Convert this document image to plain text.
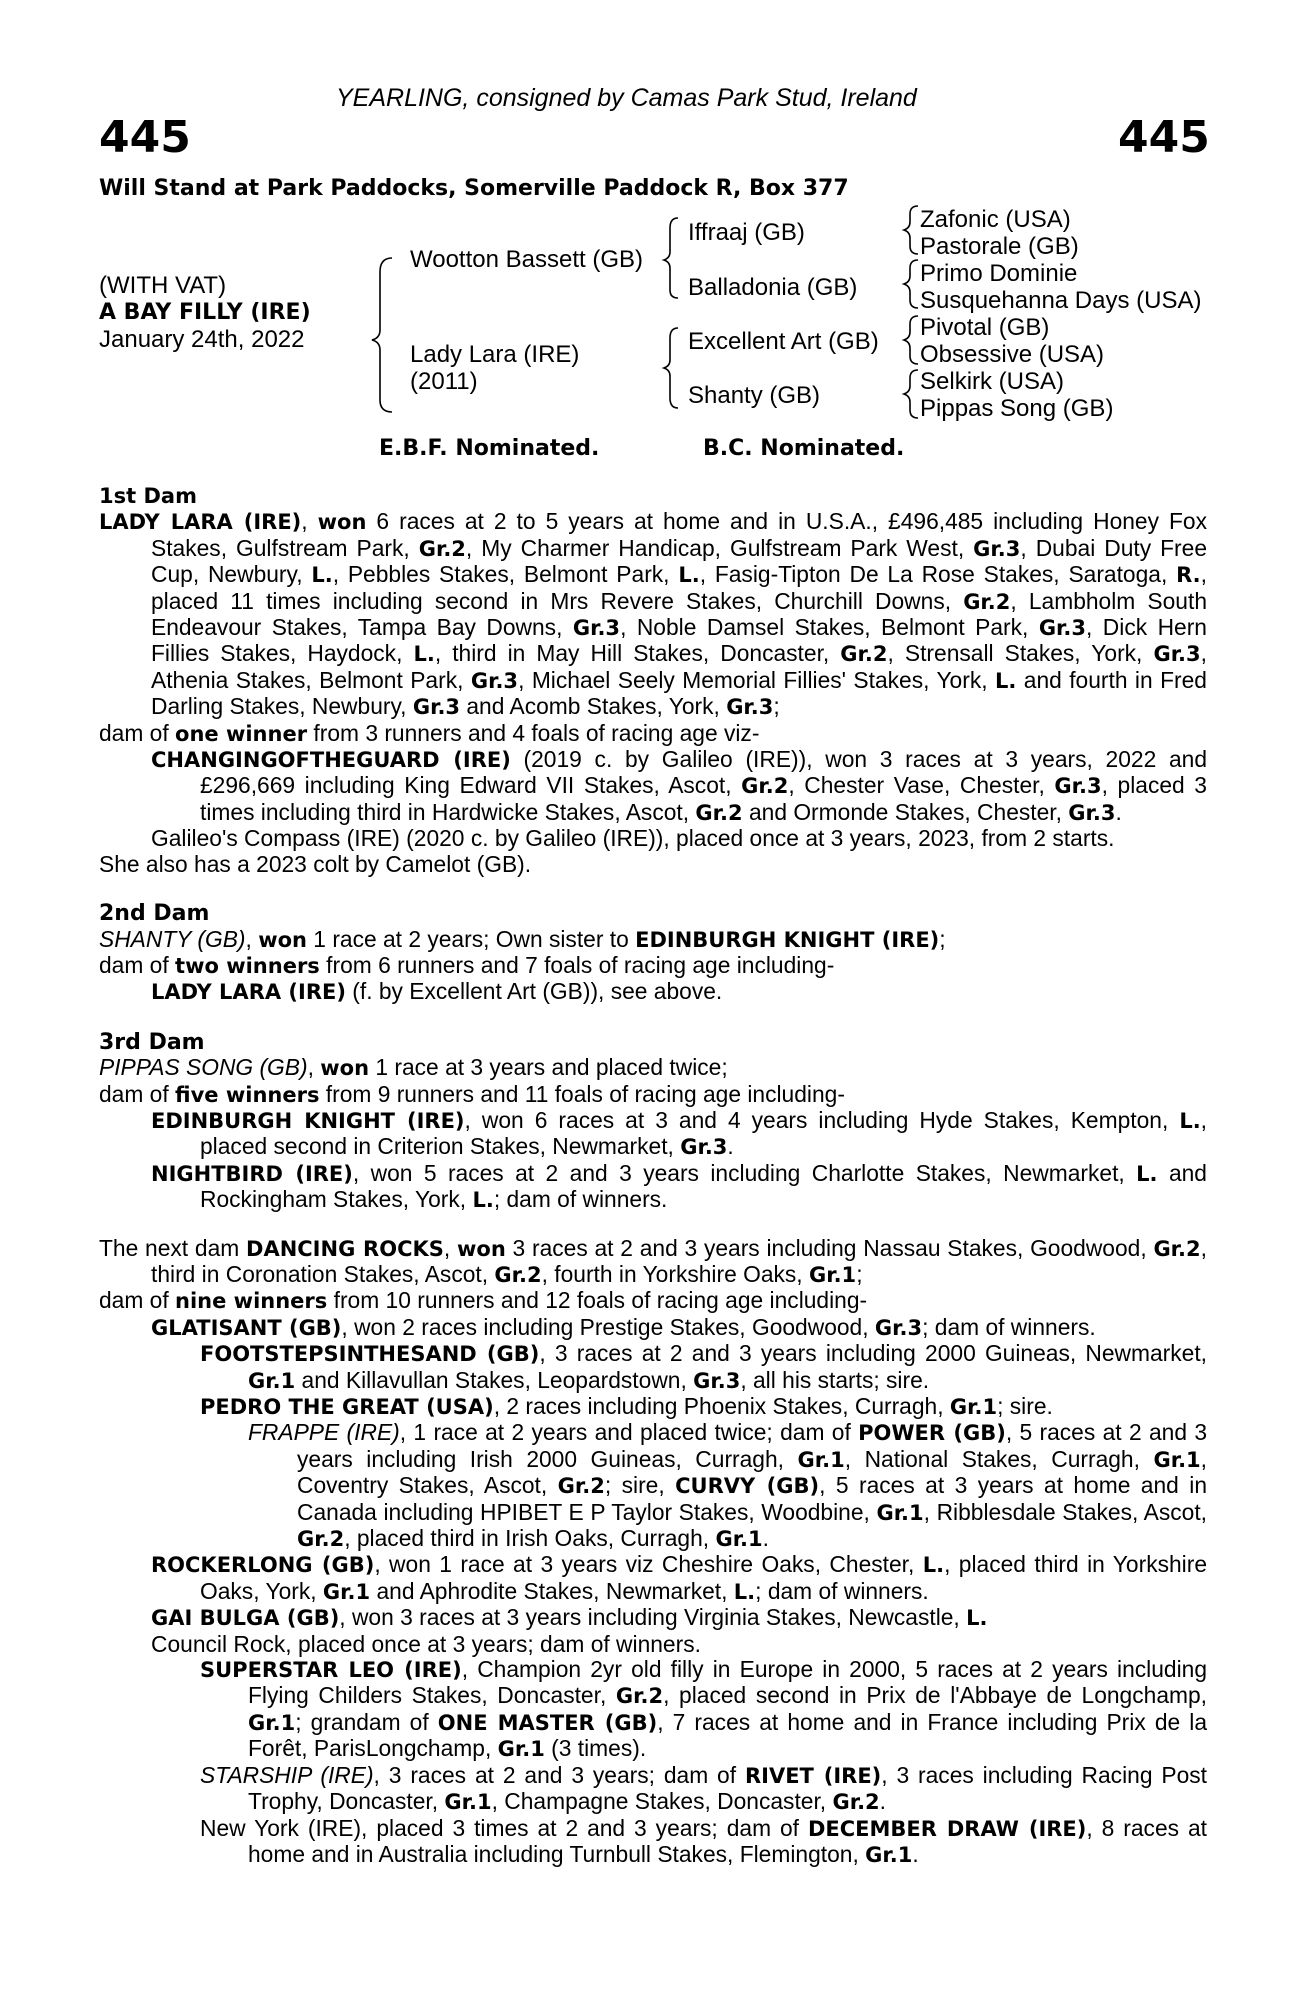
YEARLING, consigned by Camas Park Stud, Ireland
445	445
Will Stand at Park Paddocks, Somerville Paddock R, Box 377
(WITH VAT)
A BAY FILLY (IRE)
January 24th, 2022
Wootton Bassett (GB)
Lady Lara (IRE)
(2011)
Iffraaj (GB)
Balladonia (GB)
Excellent Art (GB)
Shanty (GB)
Zafonic (USA)
Pastorale (GB)
Primo Dominie
Susquehanna Days (USA)
Pivotal (GB)
Obsessive (USA)
Selkirk (USA)
Pippas Song (GB)
E.B.F. Nominated.	B.C. Nominated.
1st Dam
LADY LARA (IRE), won 6 races at 2 to 5 years at home and in U.S.A., £496,485 including Honey Fox Stakes, Gulfstream Park, Gr.2, My Charmer Handicap, Gulfstream Park West, Gr.3, Dubai Duty Free Cup, Newbury, L., Pebbles Stakes, Belmont Park, L., Fasig-Tipton De La Rose Stakes, Saratoga, R., placed 11 times including second in Mrs Revere Stakes, Churchill Downs, Gr.2, Lambholm South Endeavour Stakes, Tampa Bay Downs, Gr.3, Noble Damsel Stakes, Belmont Park, Gr.3, Dick Hern Fillies Stakes, Haydock, L., third in May Hill Stakes, Doncaster, Gr.2, Strensall Stakes, York, Gr.3, Athenia Stakes, Belmont Park, Gr.3, Michael Seely Memorial Fillies' Stakes, York, L. and fourth in Fred Darling Stakes, Newbury, Gr.3 and Acomb Stakes, York, Gr.3;
dam of one winner from 3 runners and 4 foals of racing age viz-
CHANGINGOFTHEGUARD (IRE) (2019 c. by Galileo (IRE)), won 3 races at 3 years, 2022 and £296,669 including King Edward VII Stakes, Ascot, Gr.2, Chester Vase, Chester, Gr.3, placed 3 times including third in Hardwicke Stakes, Ascot, Gr.2 and Ormonde Stakes, Chester, Gr.3.
Galileo's Compass (IRE) (2020 c. by Galileo (IRE)), placed once at 3 years, 2023, from 2 starts.
She also has a 2023 colt by Camelot (GB).
2nd Dam
SHANTY (GB), won 1 race at 2 years; Own sister to EDINBURGH KNIGHT (IRE);
dam of two winners from 6 runners and 7 foals of racing age including-
LADY LARA (IRE) (f. by Excellent Art (GB)), see above.
3rd Dam
PIPPAS SONG (GB), won 1 race at 3 years and placed twice;
dam of five winners from 9 runners and 11 foals of racing age including-
EDINBURGH KNIGHT (IRE), won 6 races at 3 and 4 years including Hyde Stakes, Kempton, L., placed second in Criterion Stakes, Newmarket, Gr.3.
NIGHTBIRD (IRE), won 5 races at 2 and 3 years including Charlotte Stakes, Newmarket, L. and Rockingham Stakes, York, L.; dam of winners.
The next dam DANCING ROCKS, won 3 races at 2 and 3 years including Nassau Stakes, Goodwood, Gr.2, third in Coronation Stakes, Ascot, Gr.2, fourth in Yorkshire Oaks, Gr.1;
dam of nine winners from 10 runners and 12 foals of racing age including-
GLATISANT (GB), won 2 races including Prestige Stakes, Goodwood, Gr.3; dam of winners.
FOOTSTEPSINTHESAND (GB), 3 races at 2 and 3 years including 2000 Guineas, Newmarket, Gr.1 and Killavullan Stakes, Leopardstown, Gr.3, all his starts; sire.
PEDRO THE GREAT (USA), 2 races including Phoenix Stakes, Curragh, Gr.1; sire.
FRAPPE (IRE), 1 race at 2 years and placed twice; dam of POWER (GB), 5 races at 2 and 3 years including Irish 2000 Guineas, Curragh, Gr.1, National Stakes, Curragh, Gr.1, Coventry Stakes, Ascot, Gr.2; sire, CURVY (GB), 5 races at 3 years at home and in Canada including HPIBET E P Taylor Stakes, Woodbine, Gr.1, Ribblesdale Stakes, Ascot, Gr.2, placed third in Irish Oaks, Curragh, Gr.1.
ROCKERLONG (GB), won 1 race at 3 years viz Cheshire Oaks, Chester, L., placed third in Yorkshire Oaks, York, Gr.1 and Aphrodite Stakes, Newmarket, L.; dam of winners.
GAI BULGA (GB), won 3 races at 3 years including Virginia Stakes, Newcastle, L.
Council Rock, placed once at 3 years; dam of winners.
SUPERSTAR LEO (IRE), Champion 2yr old filly in Europe in 2000, 5 races at 2 years including Flying Childers Stakes, Doncaster, Gr.2, placed second in Prix de l'Abbaye de Longchamp, Gr.1; grandam of ONE MASTER (GB), 7 races at home and in France including Prix de la Forêt, ParisLongchamp, Gr.1 (3 times).
STARSHIP (IRE), 3 races at 2 and 3 years; dam of RIVET (IRE), 3 races including Racing Post Trophy, Doncaster, Gr.1, Champagne Stakes, Doncaster, Gr.2.
New York (IRE), placed 3 times at 2 and 3 years; dam of DECEMBER DRAW (IRE), 8 races at home and in Australia including Turnbull Stakes, Flemington, Gr.1.
